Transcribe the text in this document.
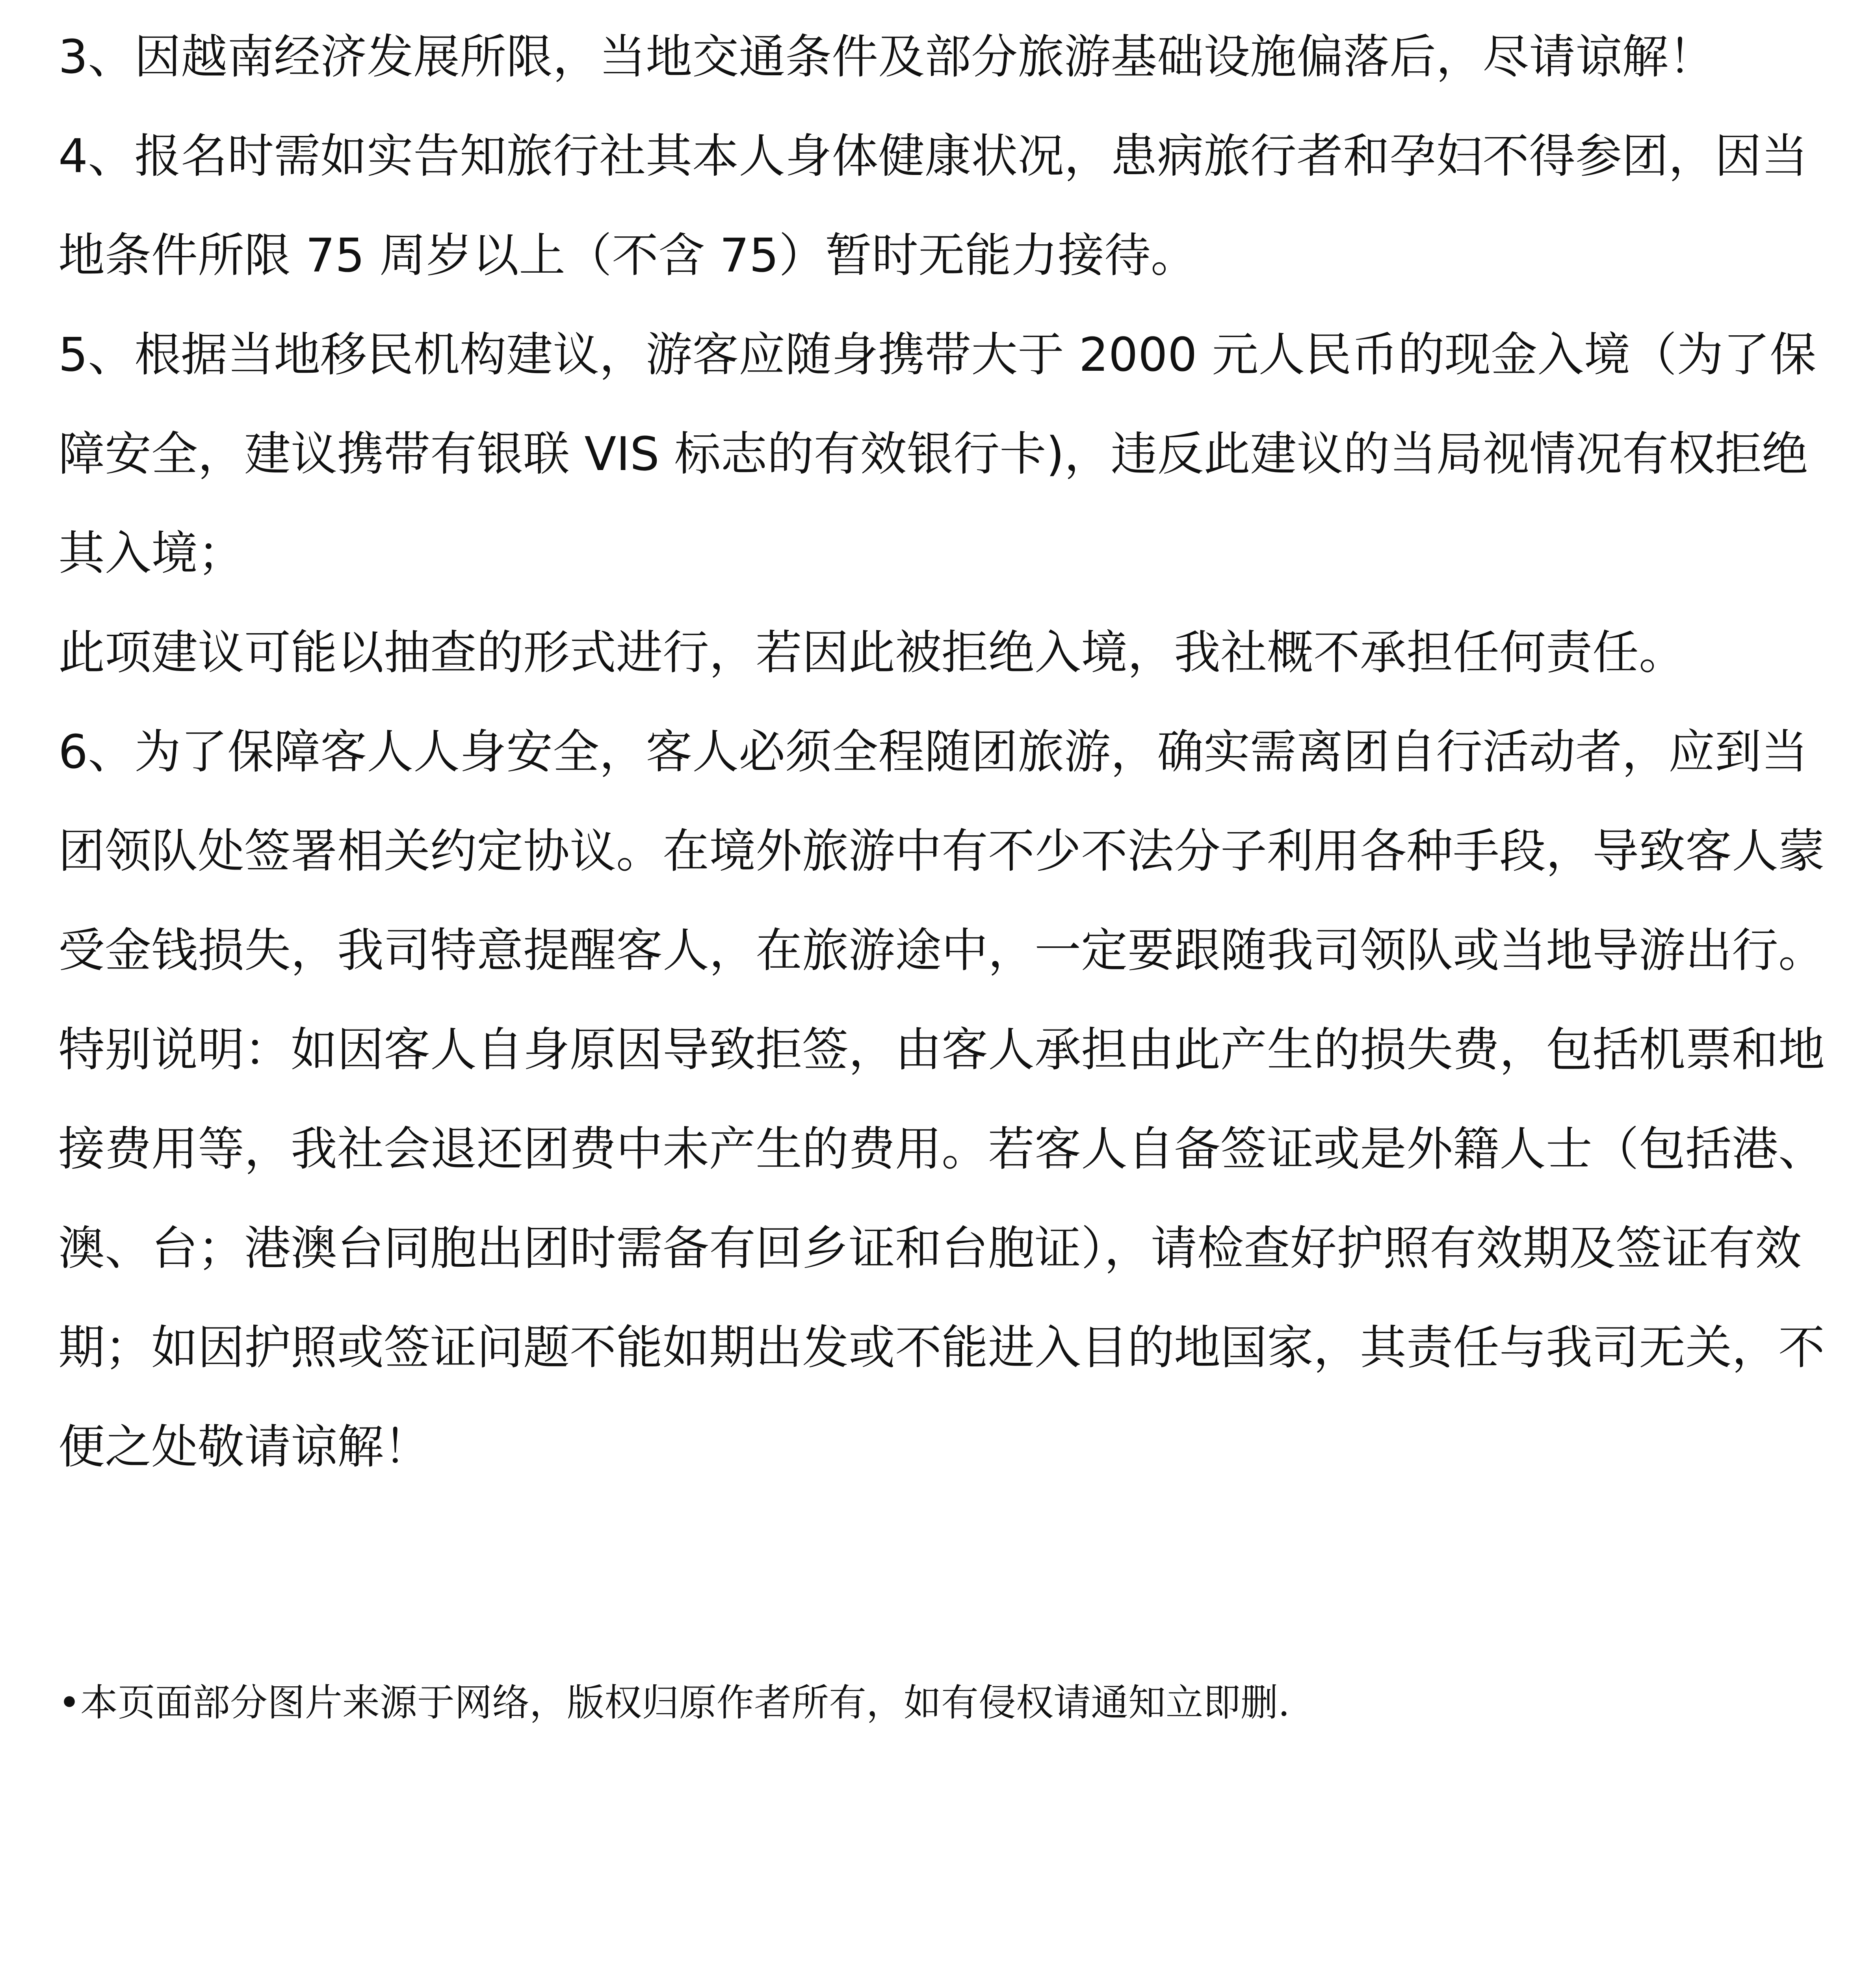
3、因越南经济发展所限，当地交通条件及部分旅游基础设施偏落后，尽请谅解！

4、报名时需如实告知旅行社其本人身体健康状况，患病旅行者和孕妇不得参团，因当地条件所限 75 周岁以上（不含 75）暂时无能力接待。

5、根据当地移民机构建议，游客应随身携带大于 2000 元人民币的现金入境（为了保障安全，建议携带有银联 VIS 标志的有效银行卡)，违反此建议的当局视情况有权拒绝其入境；

此项建议可能以抽查的形式进行，若因此被拒绝入境，我社概不承担任何责任。

6、为了保障客人人身安全，客人必须全程随团旅游，确实需离团自行活动者，应到当团领队处签署相关约定协议。在境外旅游中有不少不法分子利用各种手段，导致客人蒙受金钱损失，我司特意提醒客人，在旅游途中，一定要跟随我司领队或当地导游出行。

特别说明：如因客人自身原因导致拒签，由客人承担由此产生的损失费，包括机票和地接费用等，我社会退还团费中未产生的费用。若客人自备签证或是外籍人士（包括港、澳、台；港澳台同胞出团时需备有回乡证和台胞证），请检查好护照有效期及签证有效期；如因护照或签证问题不能如期出发或不能进入目的地国家，其责任与我司无关，不便之处敬请谅解！

•本页面部分图片来源于网络，版权归原作者所有，如有侵权请通知立即删.
